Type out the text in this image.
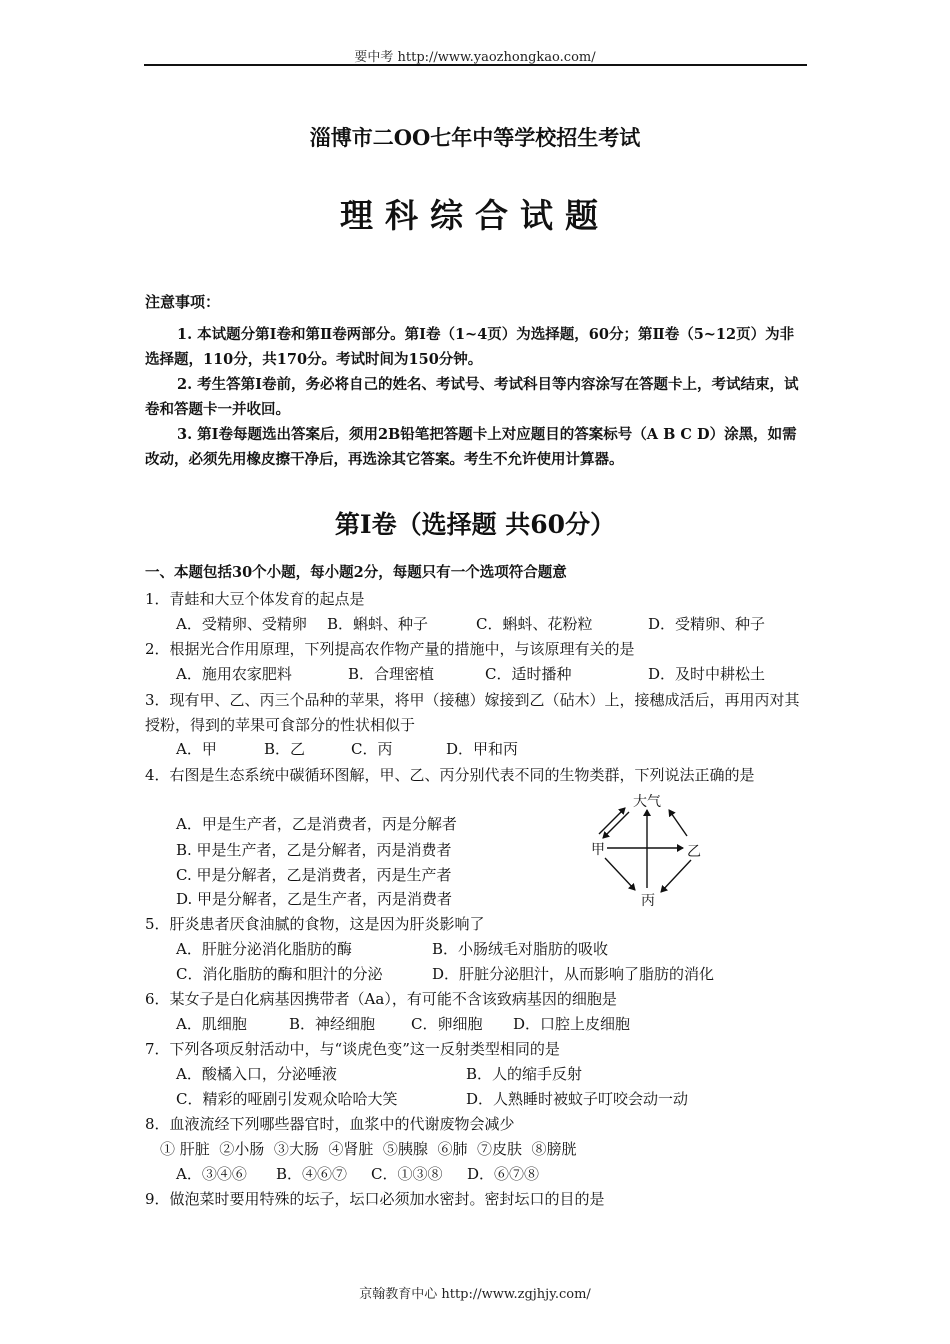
要中考 http://www.yaozhongkao.com/
淄博市二OO七年中等学校招生考试
理科综合试题
注意事项：
1. 本试题分第Ⅰ卷和第Ⅱ卷两部分。第Ⅰ卷（1~4页）为选择题，60分；第Ⅱ卷（5~12页）为非选择题，110分，共170分。考试时间为150分钟。
2. 考生答第Ⅰ卷前，务必将自己的姓名、考试号、考试科目等内容涂写在答题卡上，考试结束，试卷和答题卡一并收回。
3. 第Ⅰ卷每题选出答案后，须用2B铅笔把答题卡上对应题目的答案标号（A B C D）涂黑，如需改动，必须先用橡皮擦干净后，再选涂其它答案。考生不允许使用计算器。
第Ⅰ卷（选择题 共60分）
一、本题包括30个小题，每小题2分，每题只有一个选项符合题意
1．青蛙和大豆个体发育的起点是
A．受精卵、受精卵 B．蝌蚪、种子	C．蝌蚪、花粉粒	D．受精卵、种子
2．根据光合作用原理，下列提高农作物产量的措施中，与该原理有关的是
A．施用农家肥料	B．合理密植	C．适时播种	D．及时中耕松土
3．现有甲、乙、丙三个品种的苹果，将甲（接穗）嫁接到乙（砧木）上，接穗成活后，再用丙对其授粉，得到的苹果可食部分的性状相似于
A．甲	B．乙	C．丙	D．甲和丙
4．右图是生态系统中碳循环图解，甲、乙、丙分别代表不同的生物类群，下列说法正确的是
A．甲是生产者，乙是消费者，丙是分解者
B. 甲是生产者，乙是分解者，丙是消费者
C. 甲是分解者，乙是消费者，丙是生产者
D. 甲是分解者，乙是生产者，丙是消费者
大气
甲	乙
丙
5．肝炎患者厌食油腻的食物，这是因为肝炎影响了
A．肝脏分泌消化脂肪的酶	B．小肠绒毛对脂肪的吸收
C．消化脂肪的酶和胆汁的分泌	D．肝脏分泌胆汁，从而影响了脂肪的消化
6．某女子是白化病基因携带者（Aa），有可能不含该致病基因的细胞是
A．肌细胞	B．神经细胞 C．卵细胞 D．口腔上皮细胞
7．下列各项反射活动中，与“谈虎色变”这一反射类型相同的是
A．酸橘入口，分泌唾液	B．人的缩手反射
C．精彩的哑剧引发观众哈哈大笑	D．人熟睡时被蚊子叮咬会动一动
8．血液流经下列哪些器官时，血浆中的代谢废物会减少
① 肝脏  ②小肠  ③大肠  ④肾脏  ⑤胰腺  ⑥肺  ⑦皮肤  ⑧膀胱
A．③④⑥ B．④⑥⑦ C．①③⑧ D．⑥⑦⑧
9．做泡菜时要用特殊的坛子，坛口必须加水密封。密封坛口的目的是
京翰教育中心 http://www.zgjhjy.com/
